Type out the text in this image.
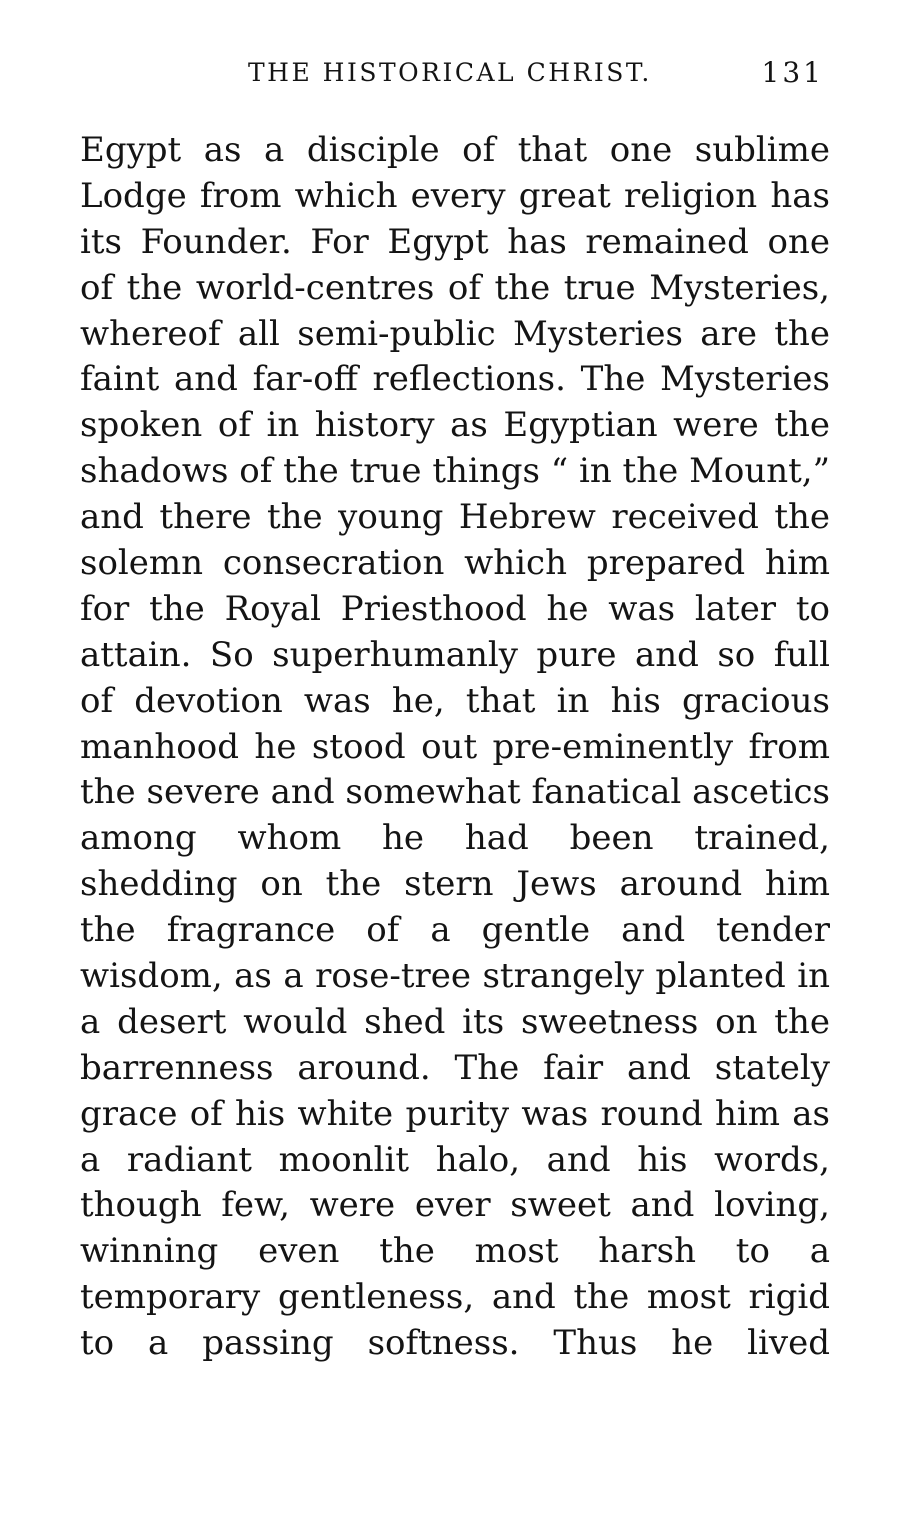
THE HISTORICAL CHRIST.	131
Egypt as a disciple of that one sublime
Lodge from which every great religion has
its Founder. For Egypt has remained one
of the world-centres of the true Mysteries,
whereof all semi-public Mysteries are the
faint and far-off reflections. The Mysteries
spoken of in history as Egyptian were the
shadows of the true things “ in the Mount,”
and there the young Hebrew received the
solemn consecration which prepared him
for the Royal Priesthood he was later to
attain. So superhumanly pure and so full
of devotion was he, that in his gracious
manhood he stood out pre-eminently from
the severe and somewhat fanatical ascetics
among whom he had been trained,
shedding on the stern Jews around him
the fragrance of a gentle and tender
wisdom, as a rose-tree strangely planted in
a desert would shed its sweetness on the
barrenness around. The fair and stately
grace of his white purity was round him as
a radiant moonlit halo, and his words,
though few, were ever sweet and loving,
winning even the most harsh to a
temporary gentleness, and the most rigid
to a passing softness. Thus he lived
